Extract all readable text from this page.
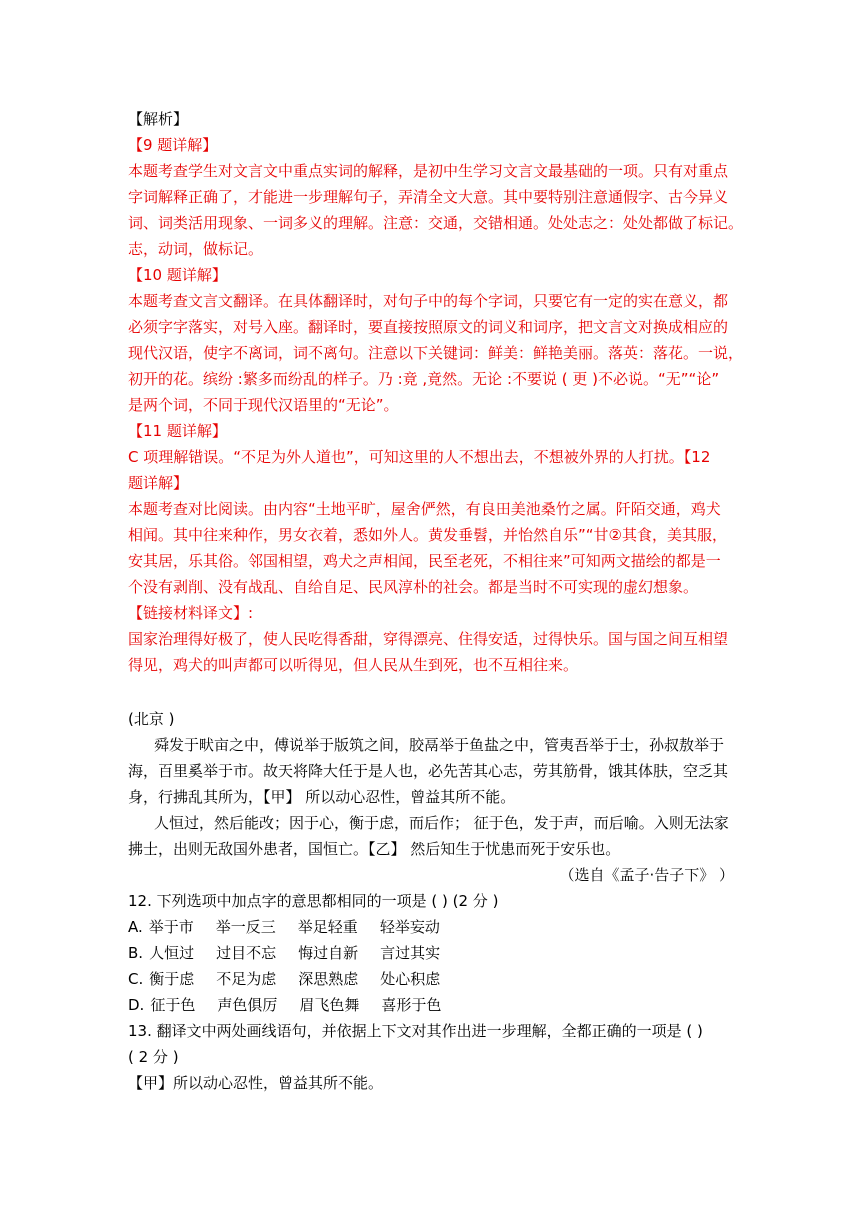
【解析】
【9 题详解】
本题考查学生对文言文中重点实词的解释，是初中生学习文言文最基础的一项。只有对重点
字词解释正确了，才能进一步理解句子，弄清全文大意。其中要特别注意通假字、古今异义
词、词类活用现象、一词多义的理解。注意：交通，交错相通。处处志之：处处都做了标记。
志，动词，做标记。
【10 题详解】
本题考查文言文翻译。在具体翻译时，对句子中的每个字词，只要它有一定的实在意义，都
必须字字落实，对号入座。翻译时，要直接按照原文的词义和词序，把文言文对换成相应的
现代汉语，使字不离词，词不离句。注意以下关键词：鲜美：鲜艳美丽。落英：落花。一说，
初开的花。缤纷 :繁多而纷乱的样子。乃 :竟 ,竟然。无论 :不要说 ( 更 )不必说。“无”“论”
是两个词，不同于现代汉语里的“无论”。
【11 题详解】
C 项理解错误。“不足为外人道也”，可知这里的人不想出去，不想被外界的人打扰。【12
题详解】
本题考查对比阅读。由内容“土地平旷，屋舍俨然，有良田美池桑竹之属。阡陌交通，鸡犬
相闻。其中往来种作，男女衣着，悉如外人。黄发垂髫，并怡然自乐”“甘②其食，美其服，
安其居，乐其俗。邻国相望，鸡犬之声相闻，民至老死，不相往来”可知两文描绘的都是一
个没有剥削、没有战乱、自给自足、民风淳朴的社会。都是当时不可实现的虚幻想象。
【链接材料译文】:
国家治理得好极了，使人民吃得香甜，穿得漂亮、住得安适，过得快乐。国与国之间互相望
得见，鸡犬的叫声都可以听得见，但人民从生到死，也不互相往来。
(北京 )
舜发于畎亩之中，傅说举于版筑之间，胶鬲举于鱼盐之中，管夷吾举于士，孙叔敖举于
海，百里奚举于市。故天将降大任于是人也，必先苦其心志，劳其筋骨，饿其体肤，空乏其
身，行拂乱其所为，【甲】 所以动心忍性，曾益其所不能。
人恒过，然后能改；因于心，衡于虑，而后作； 征于色，发于声，而后喻。入则无法家
拂士，出则无敌国外患者，国恒亡。【乙】 然后知生于忧患而死于安乐也。
（选自《孟子·告子下》 ）
12. 下列选项中加点字的意思都相同的一项是 ( ) (2 分 )
A. 举于市 举一反三 举足轻重 轻举妄动
B. 人恒过 过目不忘 悔过自新 言过其实
C. 衡于虑 不足为虑 深思熟虑 处心积虑
D. 征于色 声色俱厉 眉飞色舞 喜形于色
13. 翻译文中两处画线语句，并依据上下文对其作出进一步理解，全都正确的一项是 ( )
( 2 分 )
【甲】所以动心忍性，曾益其所不能。
